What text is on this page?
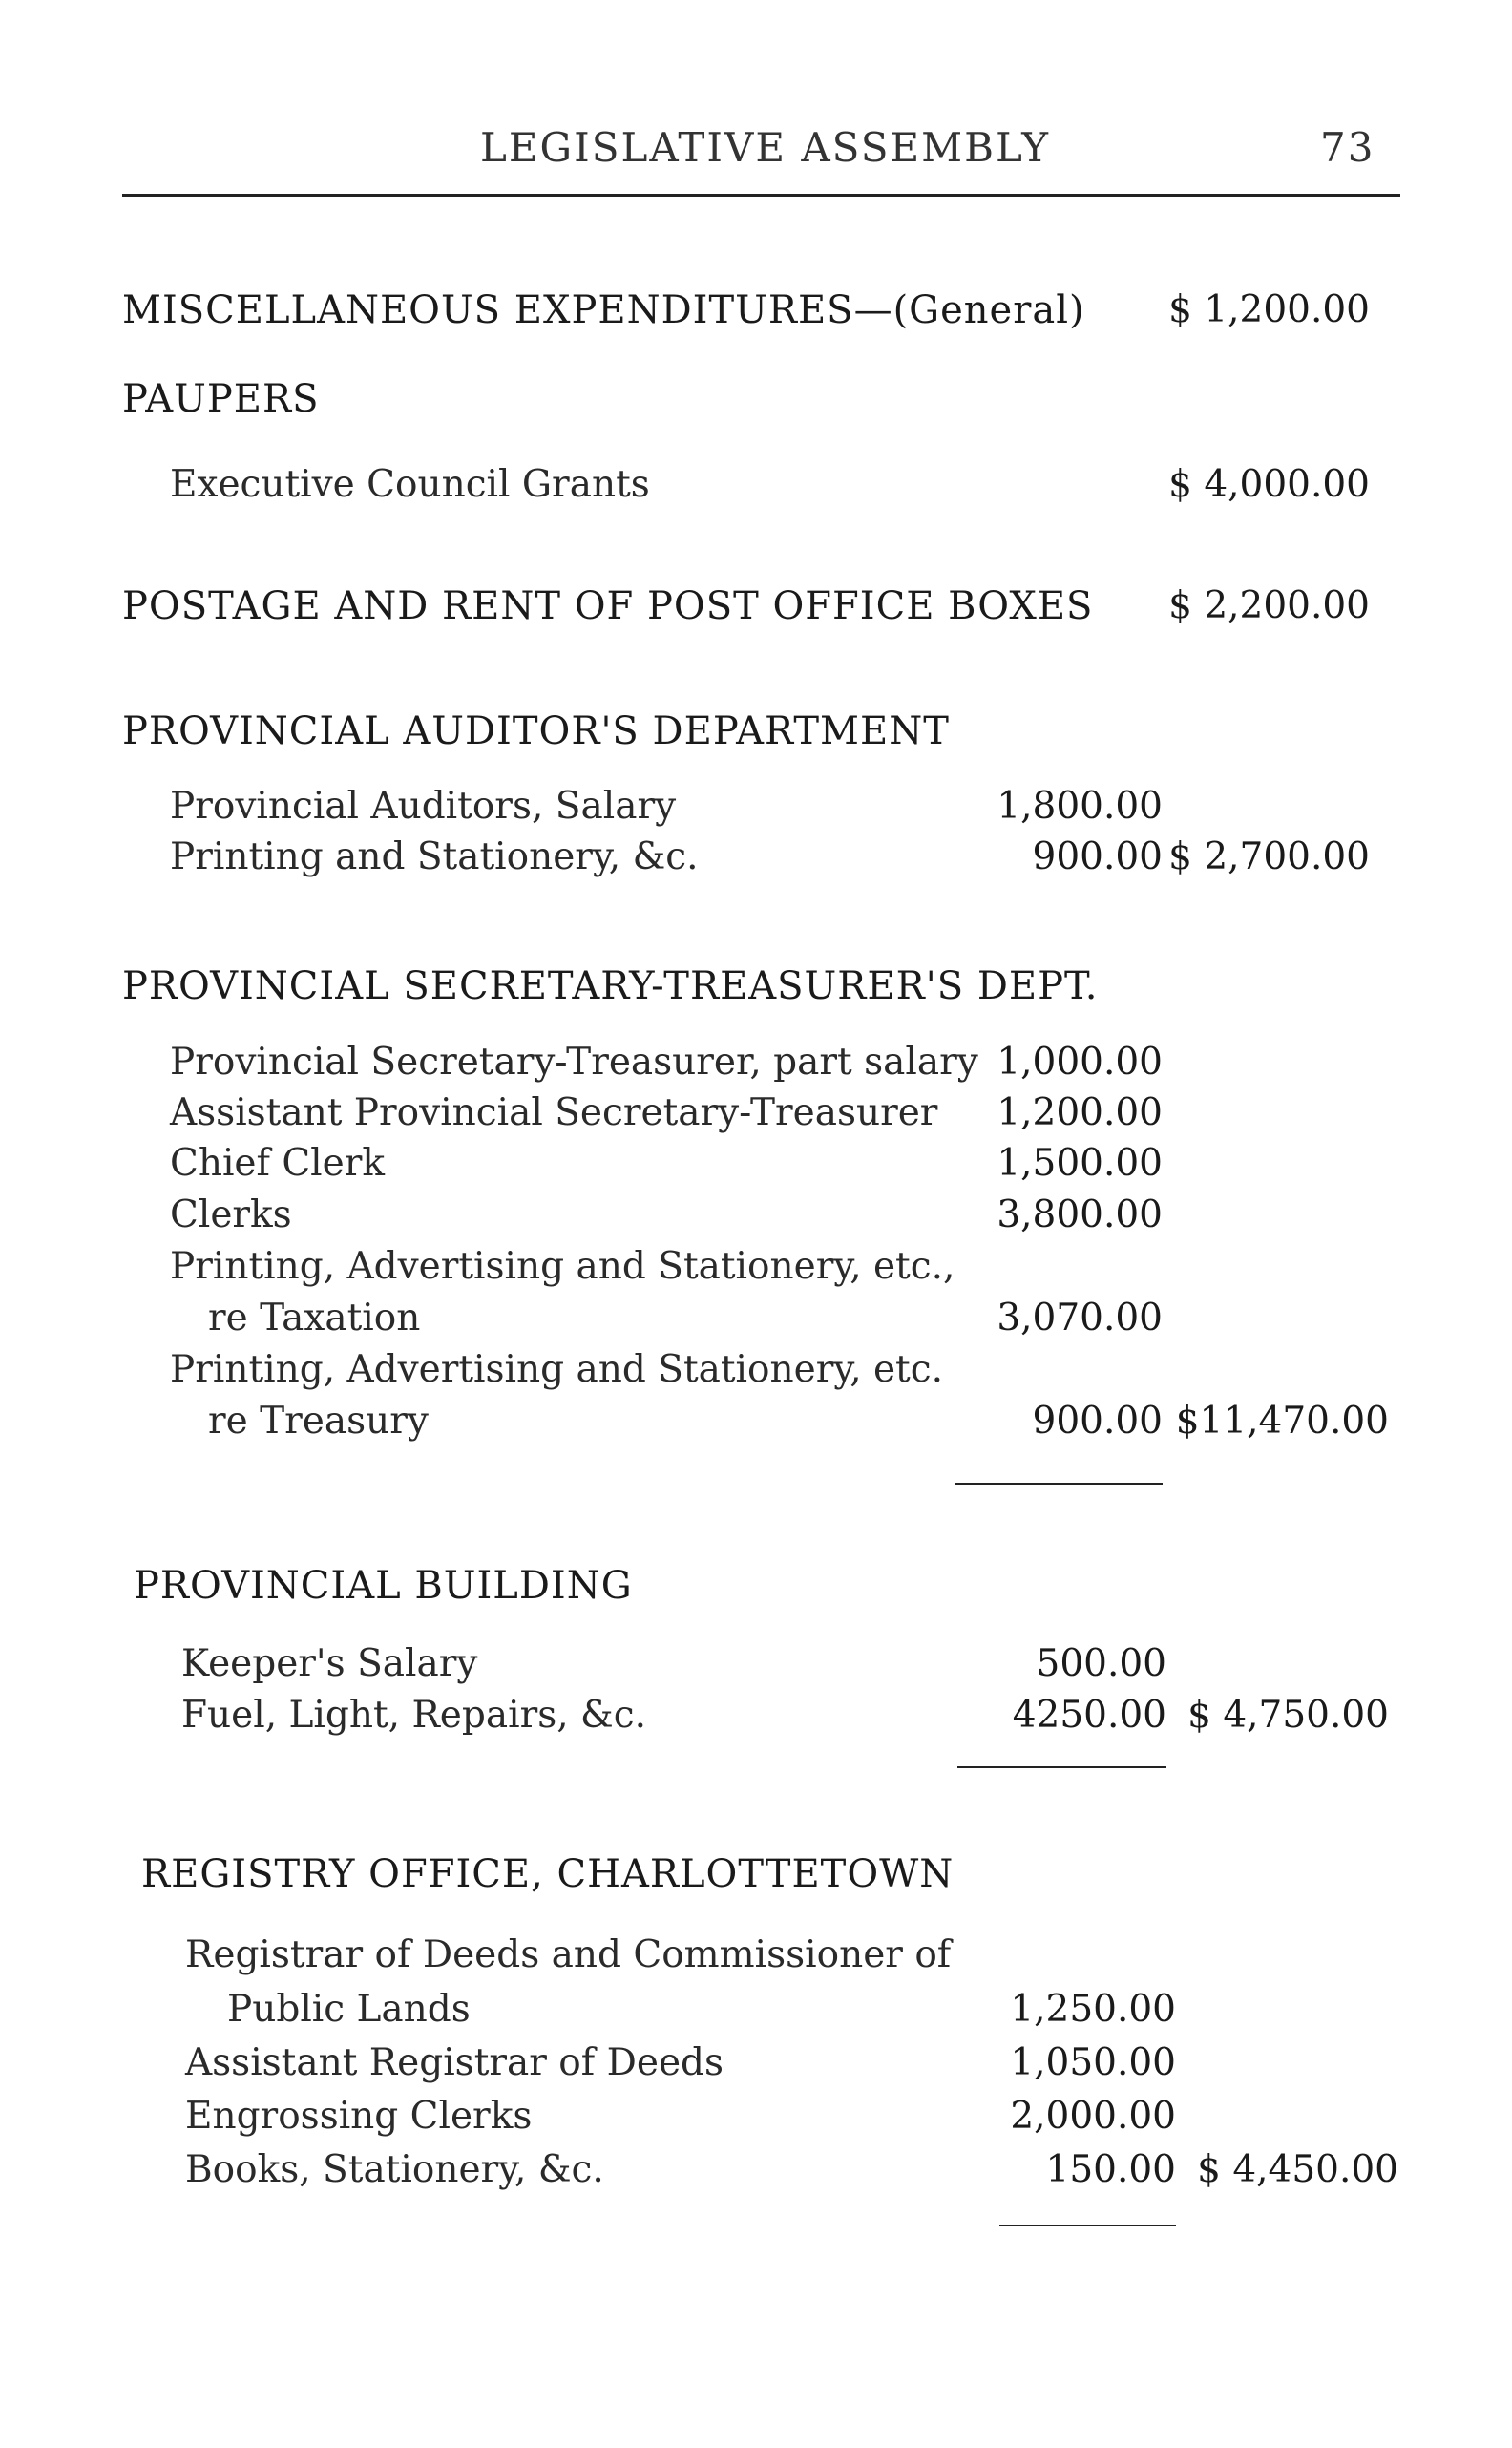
LEGISLATIVE ASSEMBLY	73
MISCELLANEOUS EXPENDITURES—(General)	$ 1,200.00
PAUPERS
Executive Council Grants	$ 4,000.00
POSTAGE AND RENT OF POST OFFICE BOXES	$ 2,200.00
PROVINCIAL AUDITOR'S DEPARTMENT
Provincial Auditors, Salary	1,800.00
Printing and Stationery, &c.	900.00 $ 2,700.00
PROVINCIAL SECRETARY-TREASURER'S DEPT.
Provincial Secretary-Treasurer, part salary 1,000.00
Assistant Provincial Secretary-Treasurer	1,200.00
Chief Clerk	1,500.00
Clerks	3,800.00
Printing, Advertising and Stationery, etc.,
re Taxation	3,070.00
Printing, Advertising and Stationery, etc.
re Treasury	900.00 $11,470.00
PROVINCIAL BUILDING
Keeper's Salary	500.00
Fuel, Light, Repairs, &c.	4250.00 $ 4,750.00
REGISTRY OFFICE, CHARLOTTETOWN
Registrar of Deeds and Commissioner of
Public Lands	1,250.00
Assistant Registrar of Deeds	1,050.00
Engrossing Clerks	2,000.00
Books, Stationery, &c.	150.00 $ 4,450.00
